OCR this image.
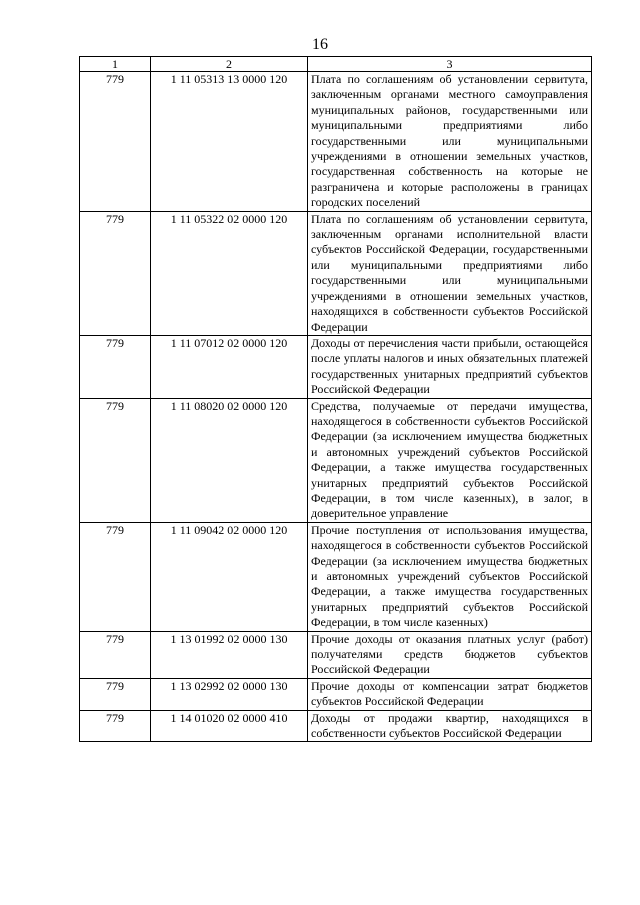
16
1	2	3
779	1 11 05313 13 0000 120	Плата по соглашениям об установлении сервитута, заключенным органами местного самоуправления муниципальных районов, государственными или муниципальными предприятиями либо государственными или муниципальными учреждениями в отношении земельных участков, государственная собственность на которые не разграничена и которые расположены в границах городских поселений
779	1 11 05322 02 0000 120	Плата по соглашениям об установлении сервитута, заключенным органами исполнительной власти субъектов Российской Федерации, государственными или муниципальными предприятиями либо государственными или муниципальными учреждениями в отношении земельных участков, находящихся в собственности субъектов Российской Федерации
779	1 11 07012 02 0000 120	Доходы от перечисления части прибыли, остающейся после уплаты налогов и иных обязательных платежей государственных унитарных предприятий субъектов Российской Федерации
779	1 11 08020 02 0000 120	Средства, получаемые от передачи имущества, находящегося в собственности субъектов Российской Федерации (за исключением имущества бюджетных и автономных учреждений субъектов Российской Федерации, а также имущества государственных унитарных предприятий субъектов Российской Федерации, в том числе казенных), в залог, в доверительное управление
779	1 11 09042 02 0000 120	Прочие поступления от использования имущества, находящегося в собственности субъектов Российской Федерации (за исключением имущества бюджетных и автономных учреждений субъектов Российской Федерации, а также имущества государственных унитарных предприятий субъектов Российской Федерации, в том числе казенных)
779	1 13 01992 02 0000 130	Прочие доходы от оказания платных услуг (работ) получателями средств бюджетов субъектов Российской Федерации
779	1 13 02992 02 0000 130	Прочие доходы от компенсации затрат бюджетов субъектов Российской Федерации
779	1 14 01020 02 0000 410	Доходы от продажи квартир, находящихся в собственности субъектов Российской Федерации
